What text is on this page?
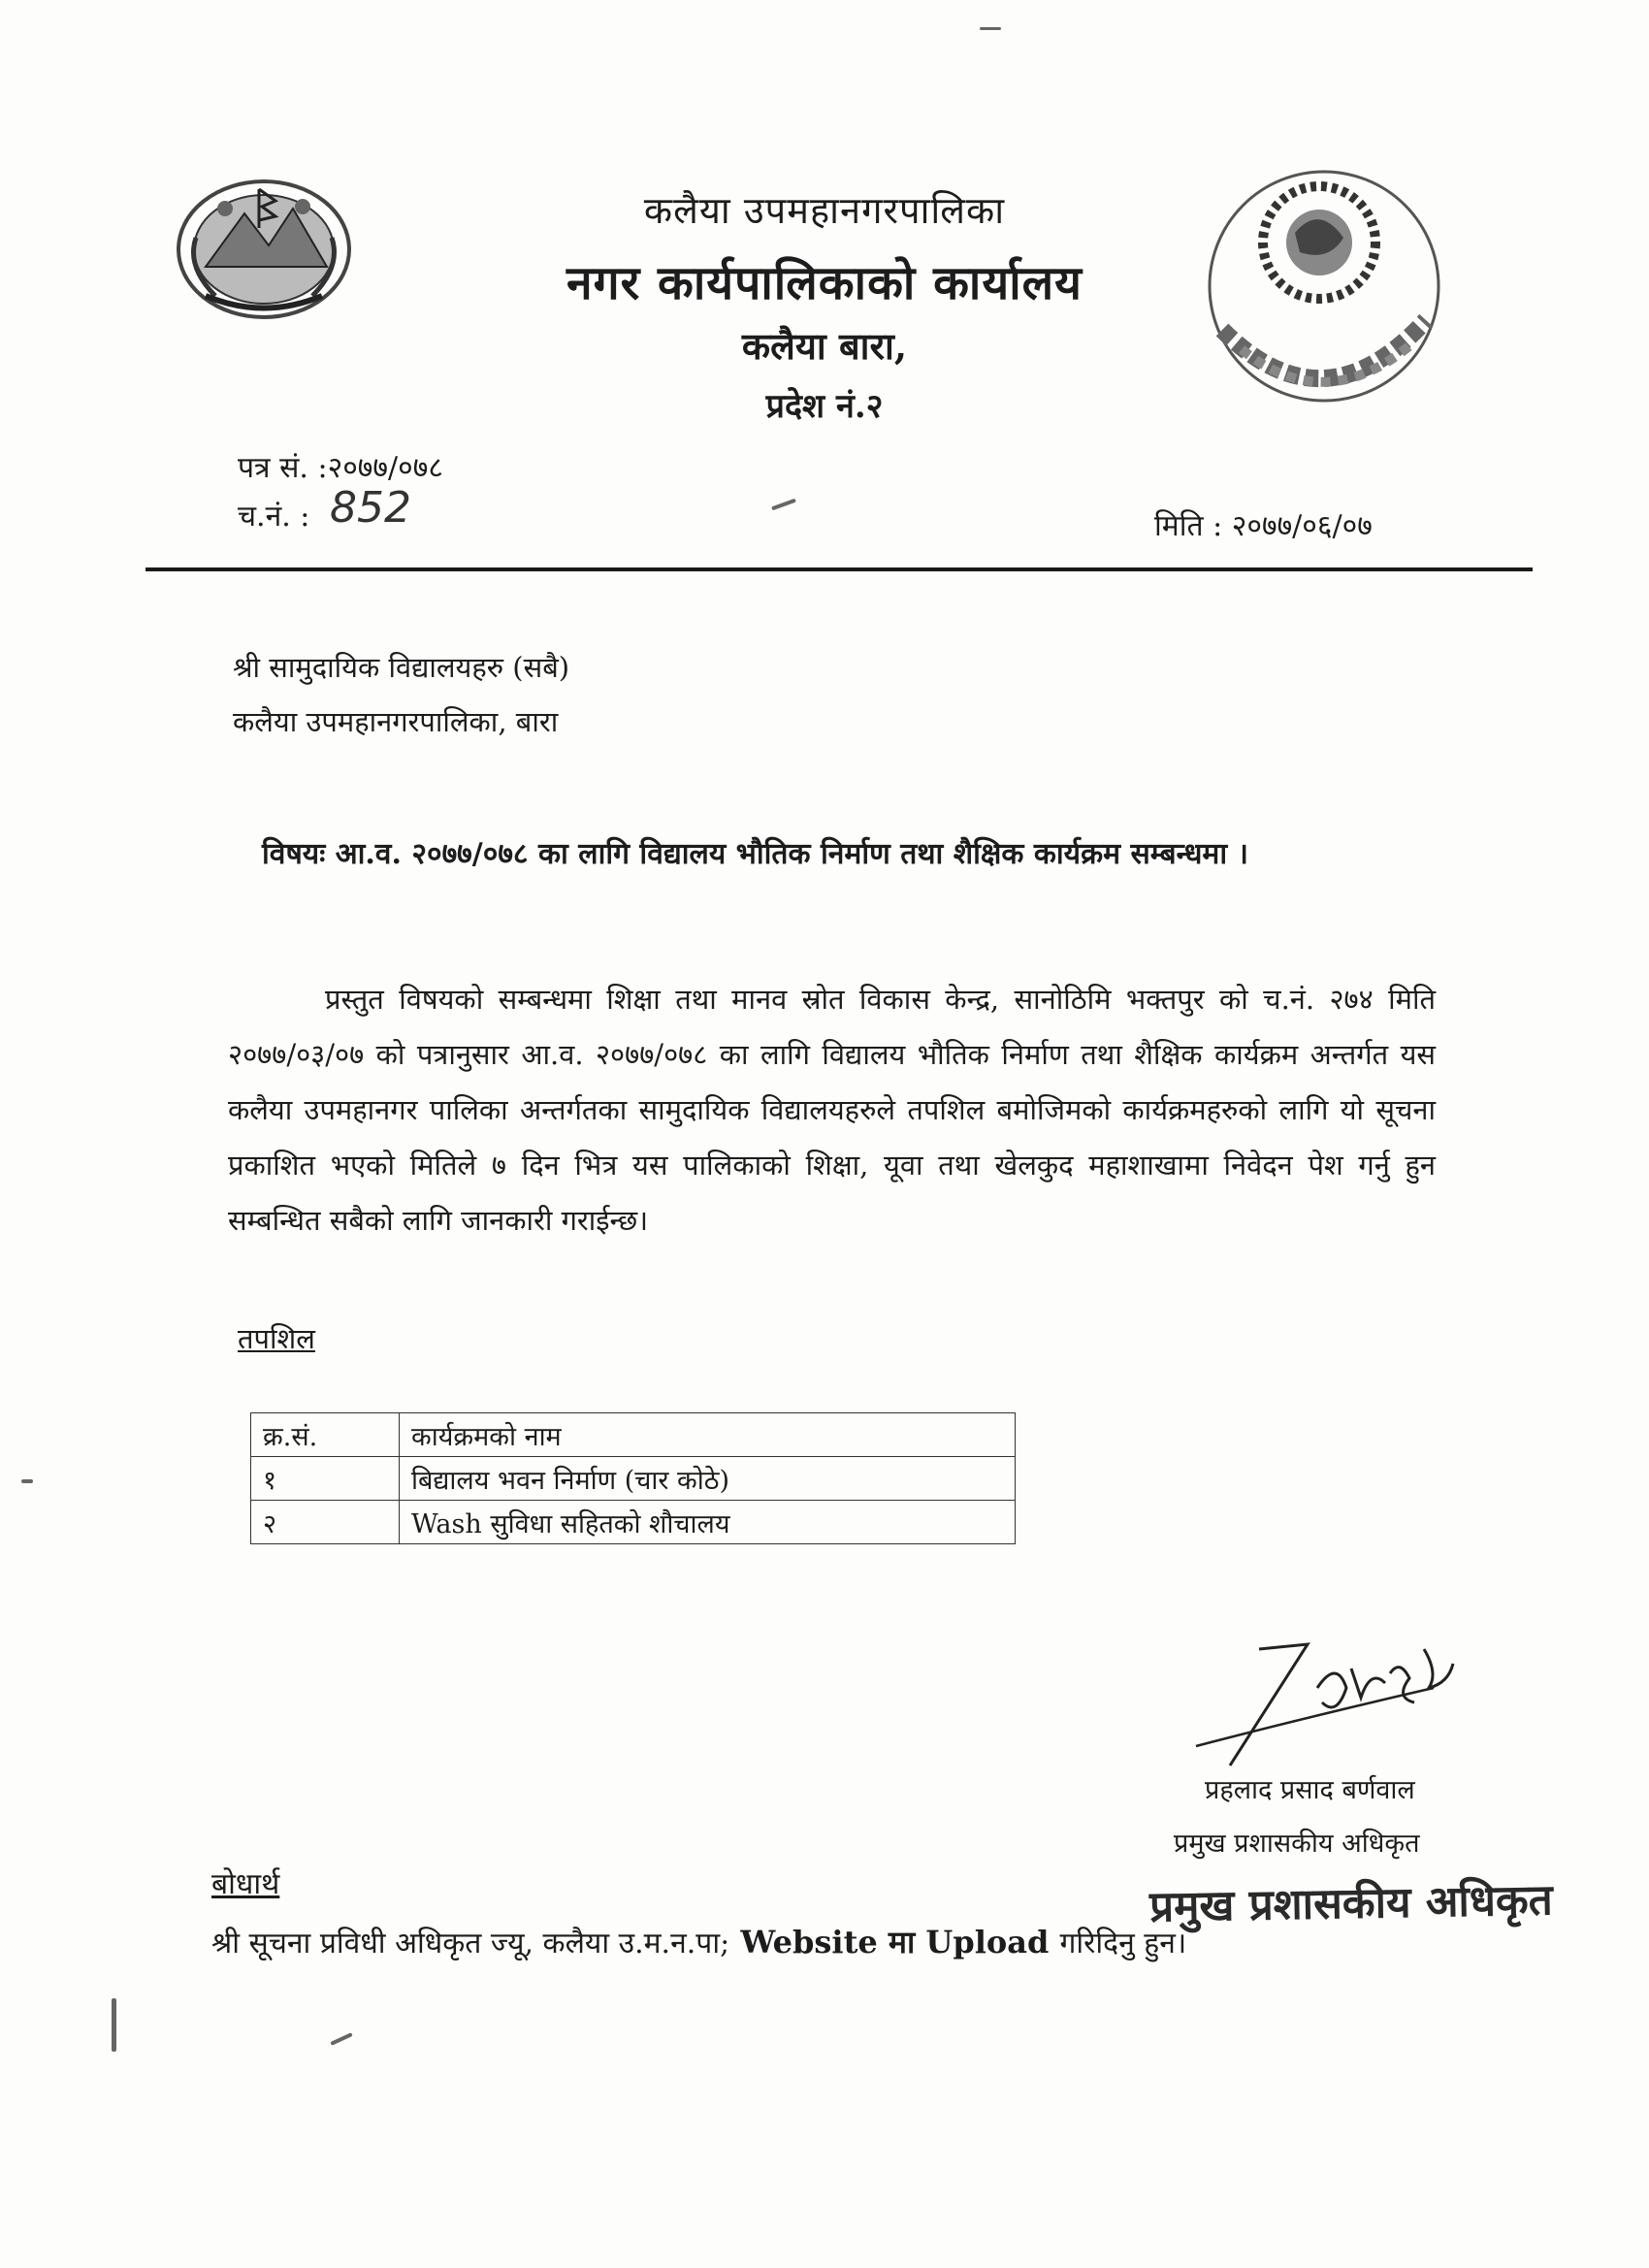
कलैया उपमहानगरपालिका
नगर कार्यपालिकाको कार्यालय
कलैया बारा,
प्रदेश नं.२
पत्र सं. :२०७७/०७८
च.नं. : 852	मिति : २०७७/०६/०७
श्री सामुदायिक विद्यालयहरु (सबै)
कलैया उपमहानगरपालिका, बारा
विषयः आ.व. २०७७/०७८ का लागि विद्यालय भौतिक निर्माण तथा शैक्षिक कार्यक्रम सम्बन्धमा ।
प्रस्तुत विषयको सम्बन्धमा शिक्षा तथा मानव स्रोत विकास केन्द्र, सानोठिमि भक्तपुर को च.नं. २७४ मिति २०७७/०३/०७ को पत्रानुसार आ.व. २०७७/०७८ का लागि विद्यालय भौतिक निर्माण तथा शैक्षिक कार्यक्रम अन्तर्गत यस कलैया उपमहानगर पालिका अन्तर्गतका सामुदायिक विद्यालयहरुले तपशिल बमोजिमको कार्यक्रमहरुको लागि यो सूचना प्रकाशित भएको मितिले ७ दिन भित्र यस पालिकाको शिक्षा, यूवा तथा खेलकुद महाशाखामा निवेदन पेश गर्नु हुन सम्बन्धित सबैको लागि जानकारी गराईन्छ।
तपशिल
क्र.सं.	कार्यक्रमको नाम
१	बिद्यालय भवन निर्माण (चार कोठे)
२	Wash सुविधा सहितको शौचालय
प्रहलाद प्रसाद बर्णवाल
प्रमुख प्रशासकीय अधिकृत
प्रमुख प्रशासकीय अधिकृत
बोधार्थ
श्री सूचना प्रविधी अधिकृत ज्यू, कलैया उ.म.न.पा; Website मा Upload गरिदिनु हुन।
